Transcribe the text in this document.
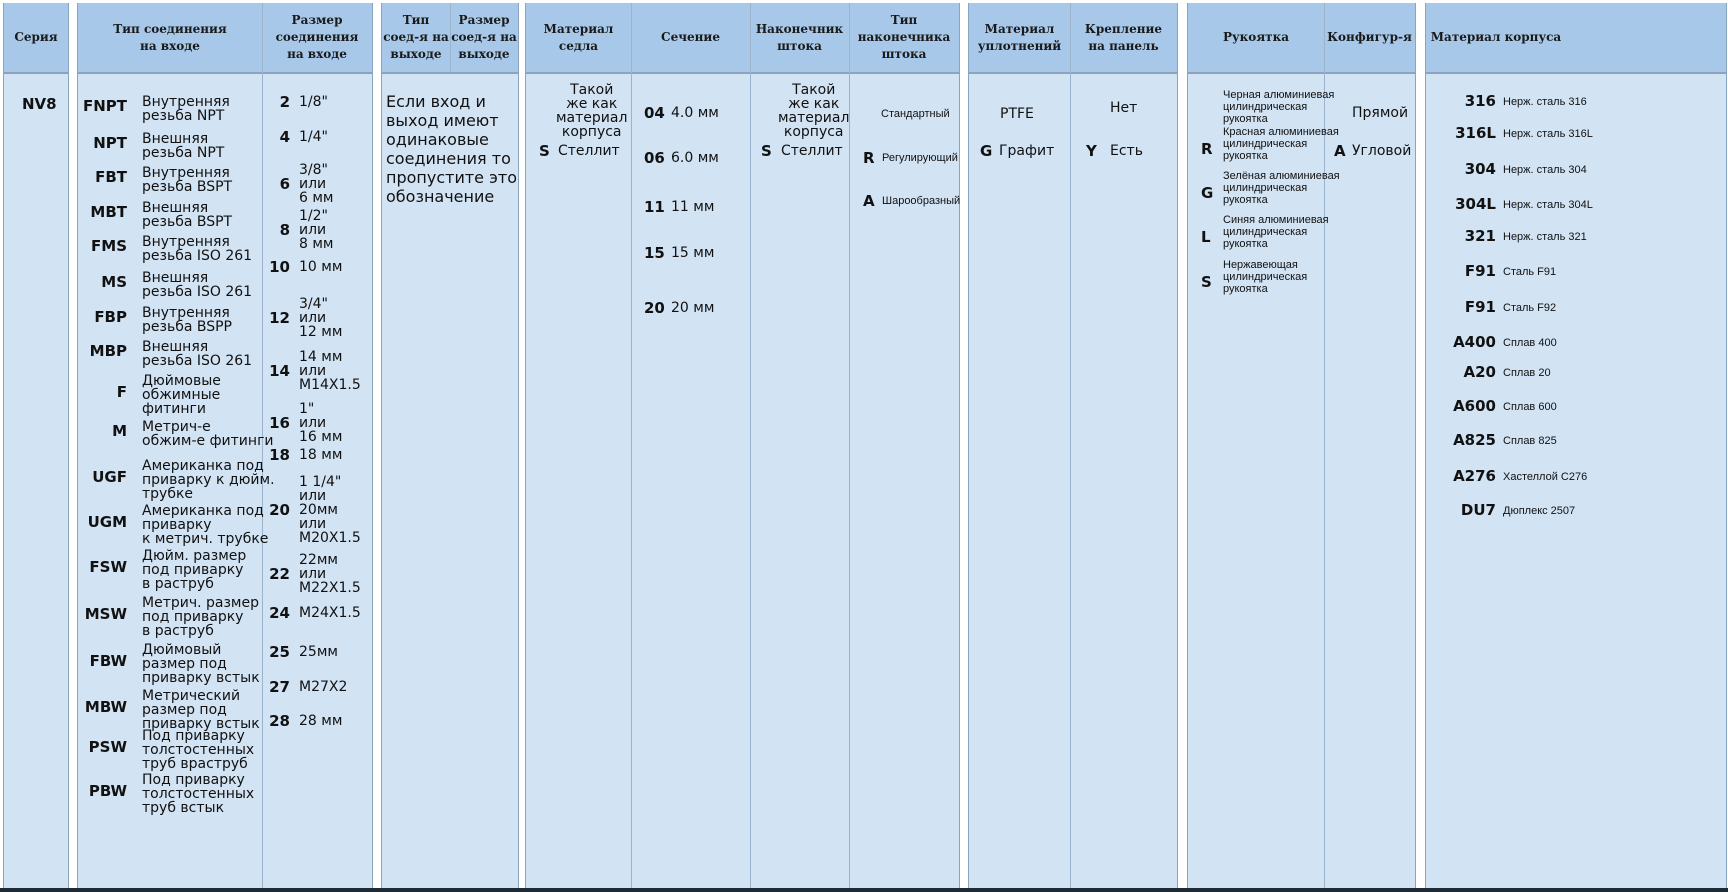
Серия
NV8
Тип соединения
на входе
Размер
соединения
на входе
FNPT Внутренняя
резьба NPT
NPT Внешняя
резьба NPT
FBT Внутренняя
резьба BSPT
MBT Внешняя
резьба BSPT
FMS Внутренняя
резьба ISO 261
MS Внешняя
резьба ISO 261
FBP Внутренняя
резьба BSPP
MBP Внешняя
резьба ISO 261
F
Дюймовые
обжимные
фитинги
M Метрич-е
обжим-е фитинги
UGF
Американка под
приварку к дюйм.
трубке
UGM
Американка под
приварку
к метрич. трубке
FSW
Дюйм. размер
под приварку
в раструб
MSW
Метрич. размер
под приварку
в раструб
FBW
Дюймовый
размер под
приварку встык
MBW
Метрический
размер под
приварку встык
PSW
Под приварку
толстостенных
труб враструб
PBW
Под приварку
толстостенных
труб встык
2 1/8"
4 1/4"
6
3/8"
или
6 мм
8
1/2"
или
8 мм
10 10 мм
12
3/4"
или
12 мм
14
14 мм
или
M14X1.5
16
1"
или
16 мм
18 18 мм
20
1 1/4"
или
20мм
или
M20X1.5
22
22мм
или
M22X1.5
24 M24X1.5
25 25мм
27 M27X2
28 28 мм
Тип
соед-я на
выходе
Размер
соед-я на
выходе
Если вход и
выход имеют
одинаковые
соединения то
пропустите это
обозначение
Материал
седла
Сечение
Наконечник
штока
Тип
наконечника
штока
Такой
же как
материал
корпуса
S Стеллит
04 4.0 мм
06 6.0 мм
11 11 мм
15 15 мм
20 20 мм
Такой
же как
материал
корпуса
S Стеллит
Стандартный
R Регулирующий
A Шарообразный
Материал
уплотнений
Крепление
на панель
PTFE
G Графит
Нет
Y Есть
Рукоятка	Конфигур-я
Черная алюминиевая
цилиндрическая
рукоятка
R
Красная алюминиевая
цилиндрическая
рукоятка
G
Зелёная алюминиевая
цилиндрическая
рукоятка
L
Синяя алюминиевая
цилиндрическая
рукоятка
S
Нержавеющая
цилиндрическая
рукоятка
Прямой
A Угловой
Материал корпуса
316 Нерж. сталь 316
316L Нерж. сталь 316L
304 Нерж. сталь 304
304L Нерж. сталь 304L
321 Нерж. сталь 321
F91 Сталь F91
F91 Сталь F92
A400 Сплав 400
A20 Сплав 20
A600 Сплав 600
A825 Сплав 825
A276 Хастеллой C276
DU7 Дюплекс 2507
